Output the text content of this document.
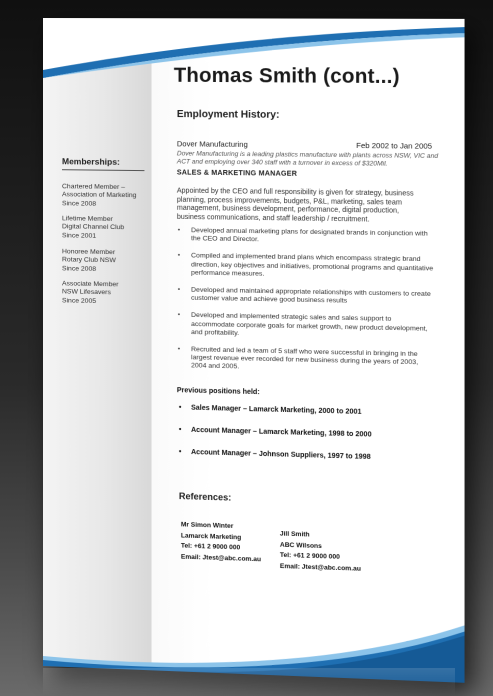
Thomas Smith (cont...)
Employment History:
Dover Manufacturing	Feb 2002 to Jan 2005
Dover Manufacturing is a leading plastics manufacture with plants across NSW, VIC and ACT and employing over 340 staff with a turnover in excess of $320Mil.
SALES & MARKETING MANAGER
Appointed by the CEO and full responsibility is given for strategy, business planning, process improvements, budgets, P&L, marketing, sales team management, business development, performance, digital production, business communications, and staff leadership / recruitment.
• Developed annual marketing plans for designated brands in conjunction with the CEO and Director.
• Compiled and implemented brand plans which encompass strategic brand direction, key objectives and initiatives, promotional programs and quantitative performance measures.
• Developed and maintained appropriate relationships with customers to create customer value and achieve good business results
• Developed and implemented strategic sales and sales support to accommodate corporate goals for market growth, new product development, and profitability.
• Recruited and led a team of 5 staff who were successful in bringing in the largest revenue ever recorded for new business during the years of 2003, 2004 and 2005.
Previous positions held:
• Sales Manager – Lamarck Marketing, 2000 to 2001
• Account Manager – Lamarck Marketing, 1998 to 2000
• Account Manager – Johnson Suppliers, 1997 to 1998
References:
Mr Simon Winter
Lamarck Marketing
Tel: +61 2 9000 000
Email: Jtest@abc.com.au
Jill Smith
ABC Wilsons
Tel: +61 2 9000 000
Email: Jtest@abc.com.au
Memberships:
Chartered Member –
Association of Marketing
Since 2008
Lifetime Member
Digital Channel Club
Since 2001
Honoree Member
Rotary Club NSW
Since 2008
Associate Member
NSW Lifesavers
Since 2005
